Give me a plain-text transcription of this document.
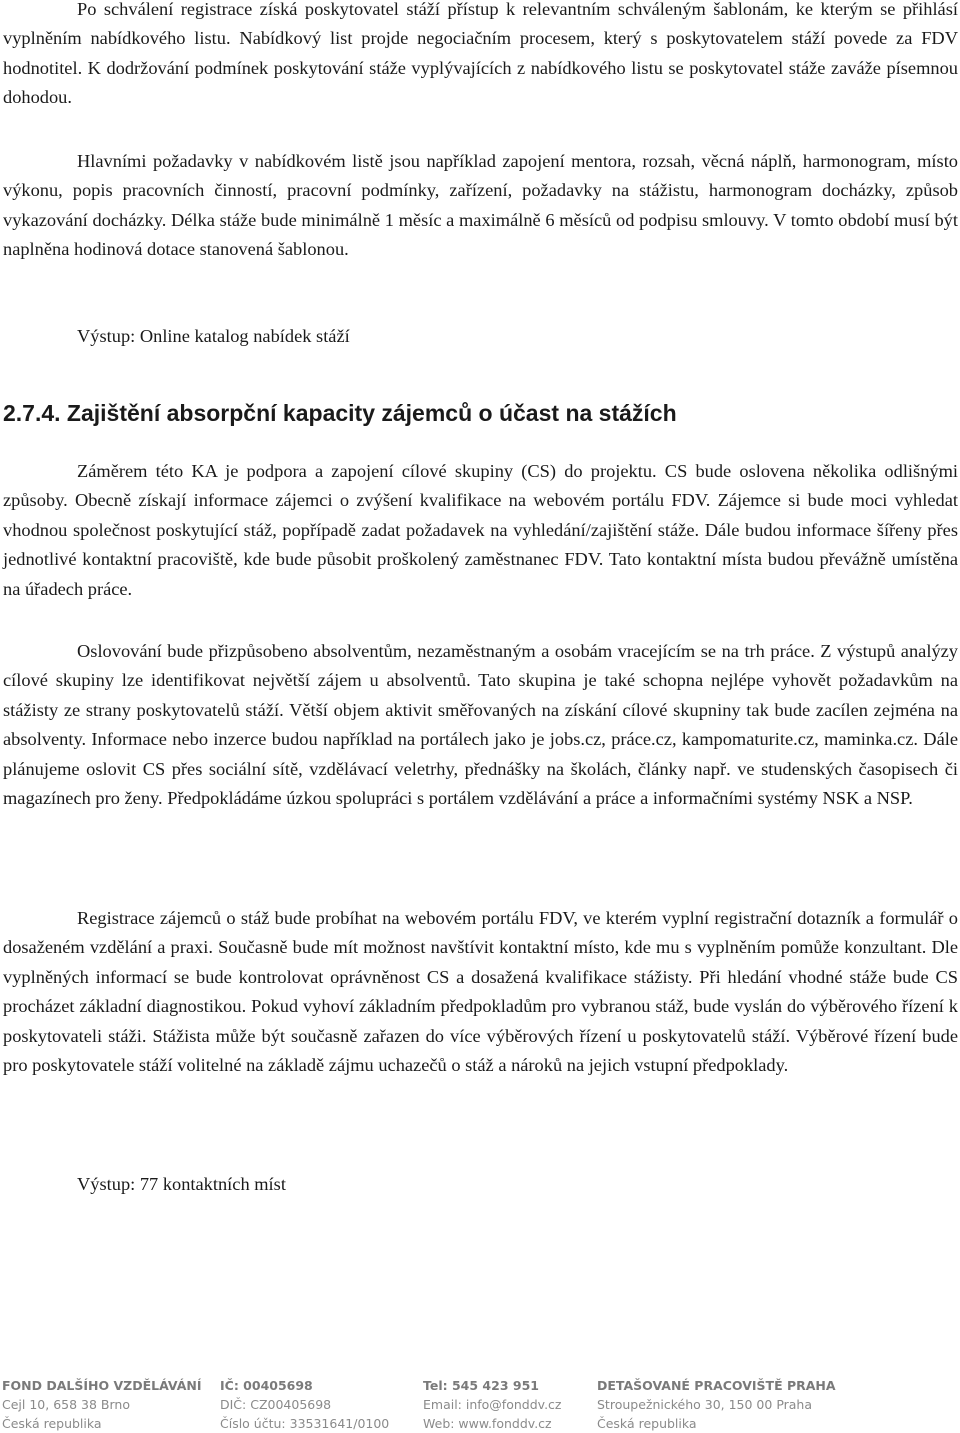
Po schválení registrace získá poskytovatel stáží přístup k relevantním schváleným šablonám, ke kterým se přihlásí vyplněním nabídkového listu. Nabídkový list projde negociačním procesem, který s poskytovatelem stáží povede za FDV hodnotitel. K dodržování podmínek poskytování stáže vyplývajících z nabídkového listu se poskytovatel stáže zaváže písemnou dohodou.

Hlavními požadavky v nabídkovém listě jsou například zapojení mentora, rozsah, věcná náplň, harmonogram, místo výkonu, popis pracovních činností, pracovní podmínky, zařízení, požadavky na stážistu, harmonogram docházky, způsob vykazování docházky. Délka stáže bude minimálně 1 měsíc a maximálně 6 měsíců od podpisu smlouvy. V tomto období musí být naplněna hodinová dotace stanovená šablonou.

Výstup: Online katalog nabídek stáží

2.7.4. Zajištění absorpční kapacity zájemců o účast na stážích

Záměrem této KA je podpora a zapojení cílové skupiny (CS) do projektu. CS bude oslovena několika odlišnými způsoby. Obecně získají informace zájemci o zvýšení kvalifikace na webovém portálu FDV. Zájemce si bude moci vyhledat vhodnou společnost poskytující stáž, popřípadě zadat požadavek na vyhledání/zajištění stáže. Dále budou informace šířeny přes jednotlivé kontaktní pracoviště, kde bude působit proškolený zaměstnanec FDV. Tato kontaktní místa budou převážně umístěna na úřadech práce.

Oslovování bude přizpůsobeno absolventům, nezaměstnaným a osobám vracejícím se na trh práce. Z výstupů analýzy cílové skupiny lze identifikovat největší zájem u absolventů. Tato skupina je také schopna nejlépe vyhovět požadavkům na stážisty ze strany poskytovatelů stáží. Větší objem aktivit směřovaných na získání cílové skupniny tak bude zacílen zejména na absolventy. Informace nebo inzerce budou například na portálech jako je jobs.cz, práce.cz, kampomaturite.cz, maminka.cz. Dále plánujeme oslovit CS přes sociální sítě, vzdělávací veletrhy, přednášky na školách, články např. ve studenských časopisech či magazínech pro ženy. Předpokládáme úzkou spolupráci s portálem vzdělávání a práce a informačními systémy NSK a NSP.

Registrace zájemců o stáž bude probíhat na webovém portálu FDV, ve kterém vyplní registrační dotazník a formulář o dosaženém vzdělání a praxi. Současně bude mít možnost navštívit kontaktní místo, kde mu s vyplněním pomůže konzultant. Dle vyplněných informací se bude kontrolovat oprávněnost CS a dosažená kvalifikace stážisty. Při hledání vhodné stáže bude CS procházet základní diagnostikou. Pokud vyhoví základním předpokladům pro vybranou stáž, bude vyslán do výběrového řízení k poskytovateli stáži. Stážista může být současně zařazen do více výběrových řízení u poskytovatelů stáží. Výběrové řízení bude pro poskytovatele stáží volitelné na základě zájmu uchazečů o stáž a nároků na jejich vstupní předpoklady.

Výstup: 77 kontaktních míst

FOND DALŠÍHO VZDĚLÁVÁNÍ
Cejl 10, 658 38 Brno
Česká republika
IČ: 00405698
DIČ: CZ00405698
Číslo účtu: 33531641/0100
Tel: 545 423 951
Email: info@fonddv.cz
Web: www.fonddv.cz
DETAŠOVANÉ PRACOVIŠTĚ PRAHA
Stroupežnického 30, 150 00 Praha
Česká republika
